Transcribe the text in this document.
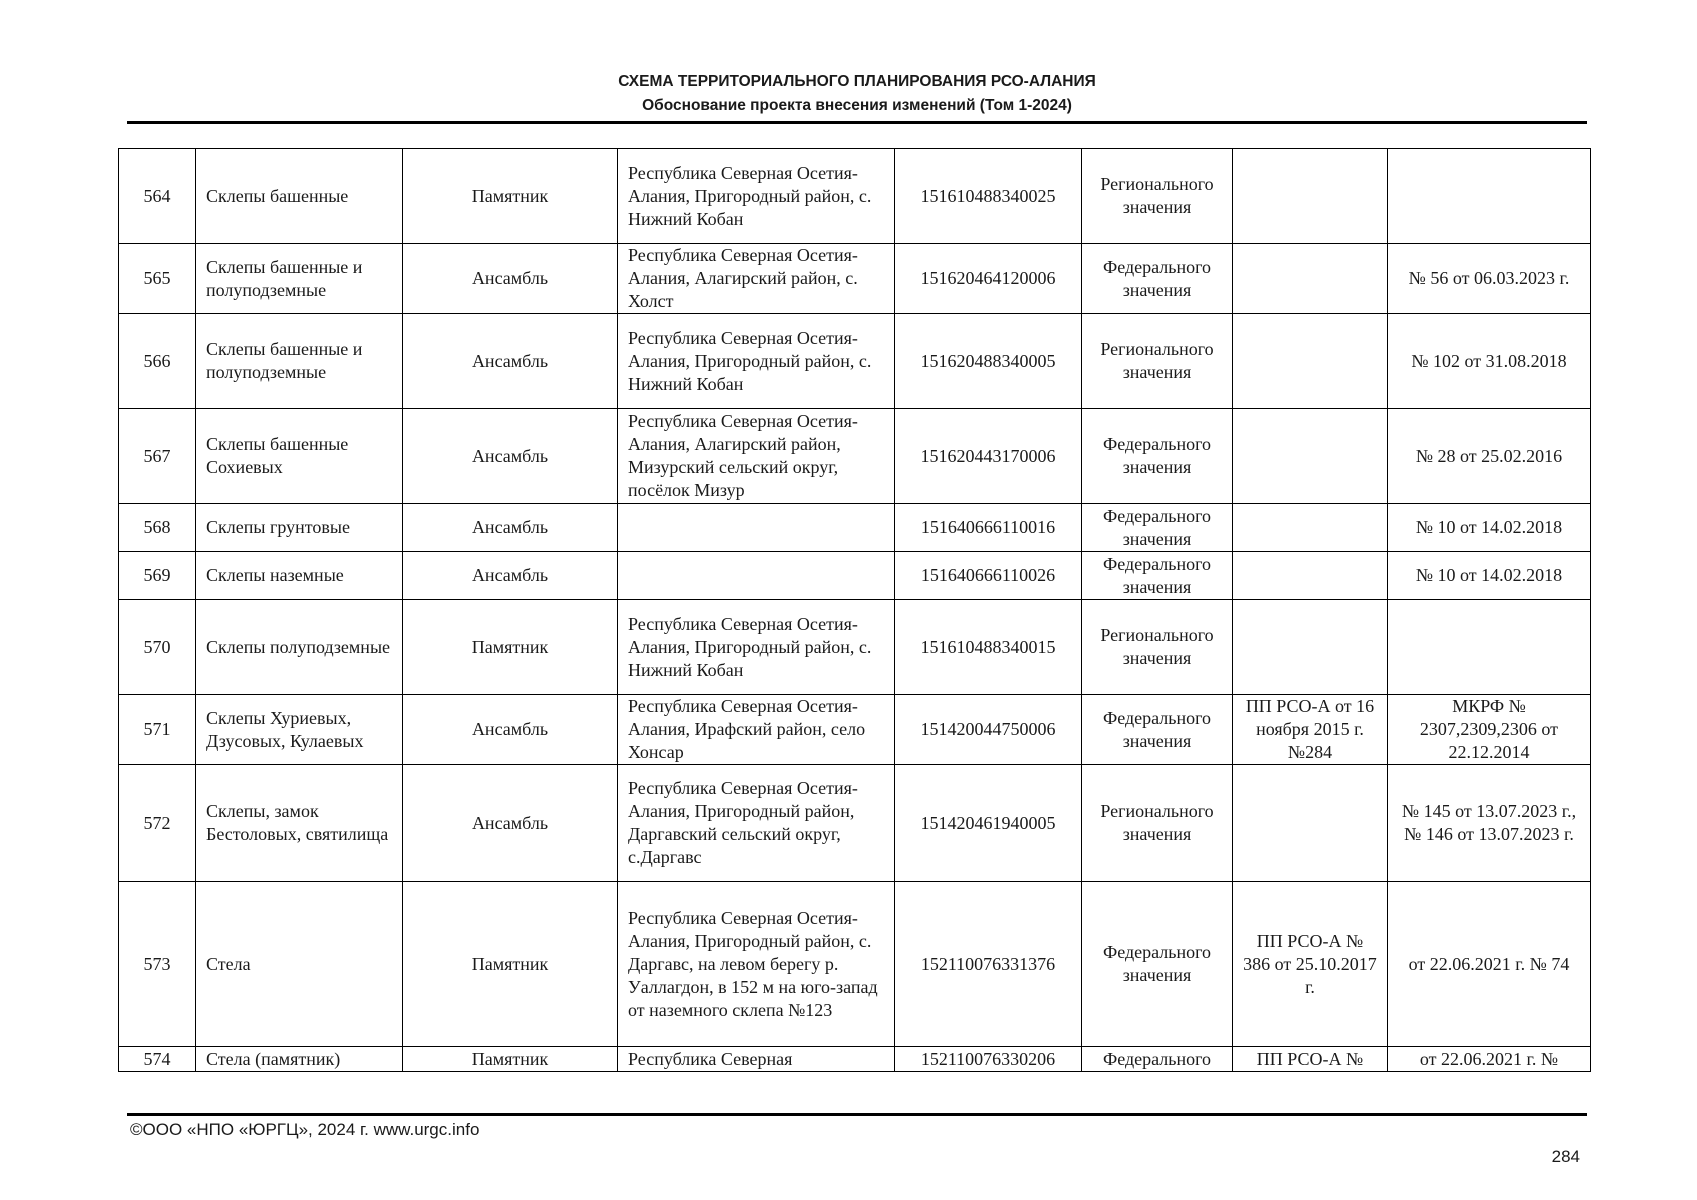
СХЕМА ТЕРРИТОРИАЛЬНОГО ПЛАНИРОВАНИЯ РСО-АЛАНИЯ
Обоснование проекта внесения изменений (Том 1-2024)
564	Склепы башенные	Памятник	Республика Северная Осетия-Алания, Пригородный район, с. Нижний Кобан	151610488340025	Регионального значения		
565	Склепы башенные и полуподземные	Ансамбль	Республика Северная Осетия-Алания, Алагирский район, с. Холст	151620464120006	Федерального значения		№ 56 от 06.03.2023 г.
566	Склепы башенные и полуподземные	Ансамбль	Республика Северная Осетия-Алания, Пригородный район, с. Нижний Кобан	151620488340005	Регионального значения		№ 102 от 31.08.2018
567	Склепы башенные Сохиевых	Ансамбль	Республика Северная Осетия-Алания, Алагирский район, Мизурский сельский округ, посёлок Мизур	151620443170006	Федерального значения		№ 28 от 25.02.2016
568	Склепы грунтовые	Ансамбль		151640666110016	Федерального значения		№ 10 от 14.02.2018
569	Склепы наземные	Ансамбль		151640666110026	Федерального значения		№ 10 от 14.02.2018
570	Склепы полуподземные	Памятник	Республика Северная Осетия-Алания, Пригородный район, с. Нижний Кобан	151610488340015	Регионального значения		
571	Склепы Хуриевых, Дзусовых, Кулаевых	Ансамбль	Республика Северная Осетия-Алания, Ирафский район, село Хонсар	151420044750006	Федерального значения	ПП РСО-А от 16 ноября 2015 г. №284	МКРФ № 2307,2309,2306 от 22.12.2014
572	Склепы, замок Бестоловых, святилища	Ансамбль	Республика Северная Осетия-Алания, Пригородный район, Даргавский сельский округ, с.Даргавс	151420461940005	Регионального значения		№ 145 от 13.07.2023 г., № 146 от 13.07.2023 г.
573	Стела	Памятник	Республика Северная Осетия-Алания, Пригородный район, с. Даргавс, на левом берегу р. Уаллагдон, в 152 м на юго-запад от наземного склепа №123	152110076331376	Федерального значения	ПП РСО-А № 386 от 25.10.2017 г.	от 22.06.2021 г. № 74
574	Стела (памятник)	Памятник	Республика Северная	152110076330206	Федерального	ПП РСО-А №	от 22.06.2021 г. №
©ООО «НПО «ЮРГЦ», 2024 г. www.urgc.info
284
